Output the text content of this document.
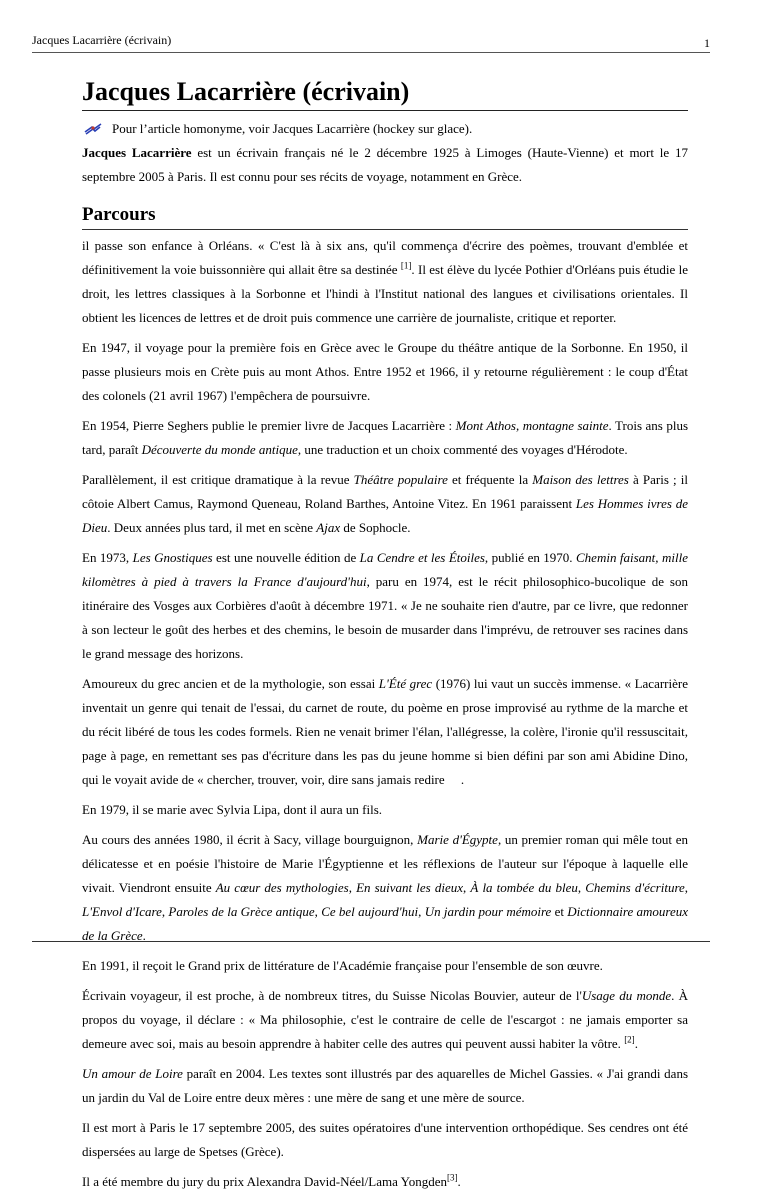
Jacques Lacarrière (écrivain)	1
Jacques Lacarrière (écrivain)

Pour l’article homonyme, voir Jacques Lacarrière (hockey sur glace).

Jacques Lacarrière est un écrivain français né le 2 décembre 1925 à Limoges (Haute-Vienne) et mort le 17 septembre 2005 à Paris. Il est connu pour ses récits de voyage, notamment en Grèce.

Parcours

il passe son enfance à Orléans. « C'est là à six ans, qu'il commença d'écrire des poèmes, trouvant d'emblée et définitivement la voie buissonnière qui allait être sa destinée [1]. Il est élève du lycée Pothier d'Orléans puis étudie le droit, les lettres classiques à la Sorbonne et l'hindi à l'Institut national des langues et civilisations orientales. Il obtient les licences de lettres et de droit puis commence une carrière de journaliste, critique et reporter.

En 1947, il voyage pour la première fois en Grèce avec le Groupe du théâtre antique de la Sorbonne. En 1950, il passe plusieurs mois en Crète puis au mont Athos. Entre 1952 et 1966, il y retourne régulièrement : le coup d'État des colonels (21 avril 1967) l'empêchera de poursuivre.

En 1954, Pierre Seghers publie le premier livre de Jacques Lacarrière : Mont Athos, montagne sainte. Trois ans plus tard, paraît Découverte du monde antique, une traduction et un choix commenté des voyages d'Hérodote.

Parallèlement, il est critique dramatique à la revue Théâtre populaire et fréquente la Maison des lettres à Paris ; il côtoie Albert Camus, Raymond Queneau, Roland Barthes, Antoine Vitez. En 1961 paraissent Les Hommes ivres de Dieu. Deux années plus tard, il met en scène Ajax de Sophocle.

En 1973, Les Gnostiques est une nouvelle édition de La Cendre et les Étoiles, publié en 1970. Chemin faisant, mille kilomètres à pied à travers la France d'aujourd'hui, paru en 1974, est le récit philosophico-bucolique de son itinéraire des Vosges aux Corbières d'août à décembre 1971. « Je ne souhaite rien d'autre, par ce livre, que redonner à son lecteur le goût des herbes et des chemins, le besoin de musarder dans l'imprévu, de retrouver ses racines dans le grand message des horizons.

Amoureux du grec ancien et de la mythologie, son essai L'Été grec (1976) lui vaut un succès immense. « Lacarrière inventait un genre qui tenait de l'essai, du carnet de route, du poème en prose improvisé au rythme de la marche et du récit libéré de tous les codes formels. Rien ne venait brimer l'élan, l'allégresse, la colère, l'ironie qu'il ressuscitait, page à page, en remettant ses pas d'écriture dans les pas du jeune homme si bien défini par son ami Abidine Dino, qui le voyait avide de « chercher, trouver, voir, dire sans jamais redire     .

En 1979, il se marie avec Sylvia Lipa, dont il aura un fils.

Au cours des années 1980, il écrit à Sacy, village bourguignon, Marie d'Égypte, un premier roman qui mêle tout en délicatesse et en poésie l'histoire de Marie l'Égyptienne et les réflexions de l'auteur sur l'époque à laquelle elle vivait. Viendront ensuite Au cœur des mythologies, En suivant les dieux, À la tombée du bleu, Chemins d'écriture, L'Envol d'Icare, Paroles de la Grèce antique, Ce bel aujourd'hui, Un jardin pour mémoire et Dictionnaire amoureux de la Grèce.

En 1991, il reçoit le Grand prix de littérature de l'Académie française pour l'ensemble de son œuvre.

Écrivain voyageur, il est proche, à de nombreux titres, du Suisse Nicolas Bouvier, auteur de l'Usage du monde. À propos du voyage, il déclare : « Ma philosophie, c'est le contraire de celle de l'escargot : ne jamais emporter sa demeure avec soi, mais au besoin apprendre à habiter celle des autres qui peuvent aussi habiter la vôtre. [2].

Un amour de Loire paraît en 2004. Les textes sont illustrés par des aquarelles de Michel Gassies. « J'ai grandi dans un jardin du Val de Loire entre deux mères : une mère de sang et une mère de source.

Il est mort à Paris le 17 septembre 2005, des suites opératoires d'une intervention orthopédique. Ses cendres ont été dispersées au large de Spetses (Grèce).

Il a été membre du jury du prix Alexandra David-Néel/Lama Yongden[3].
